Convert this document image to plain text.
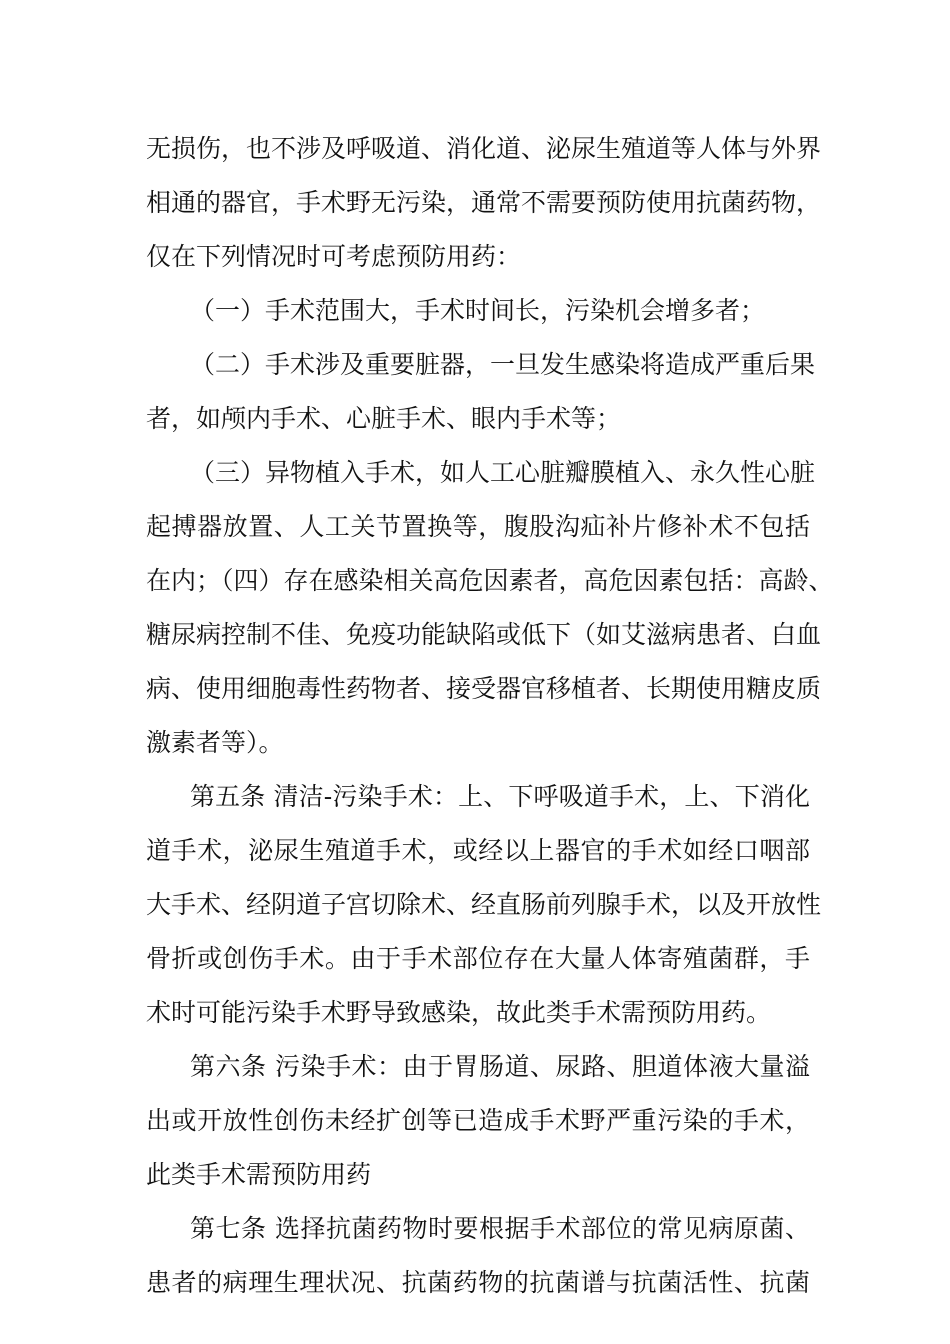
无损伤，也不涉及呼吸道、消化道、泌尿生殖道等人体与外界
相通的器官，手术野无污染，通常不需要预防使用抗菌药物，
仅在下列情况时可考虑预防用药：
（一）手术范围大，手术时间长，污染机会增多者；
（二）手术涉及重要脏器，一旦发生感染将造成严重后果
者，如颅内手术、心脏手术、眼内手术等；
（三）异物植入手术，如人工心脏瓣膜植入、永久性心脏
起搏器放置、人工关节置换等，腹股沟疝补片修补术不包括
在内；（四）存在感染相关高危因素者，高危因素包括：高龄、
糖尿病控制不佳、免疫功能缺陷或低下（如艾滋病患者、白血
病、使用细胞毒性药物者、接受器官移植者、长期使用糖皮质
激素者等）。
第五条 清洁-污染手术：上、下呼吸道手术，上、下消化
道手术，泌尿生殖道手术，或经以上器官的手术如经口咽部
大手术、经阴道子宫切除术、经直肠前列腺手术，以及开放性
骨折或创伤手术。由于手术部位存在大量人体寄殖菌群，手
术时可能污染手术野导致感染，故此类手术需预防用药。
第六条 污染手术：由于胃肠道、尿路、胆道体液大量溢
出或开放性创伤未经扩创等已造成手术野严重污染的手术，
此类手术需预防用药
第七条 选择抗菌药物时要根据手术部位的常见病原菌、
患者的病理生理状况、抗菌药物的抗菌谱与抗菌活性、抗菌
